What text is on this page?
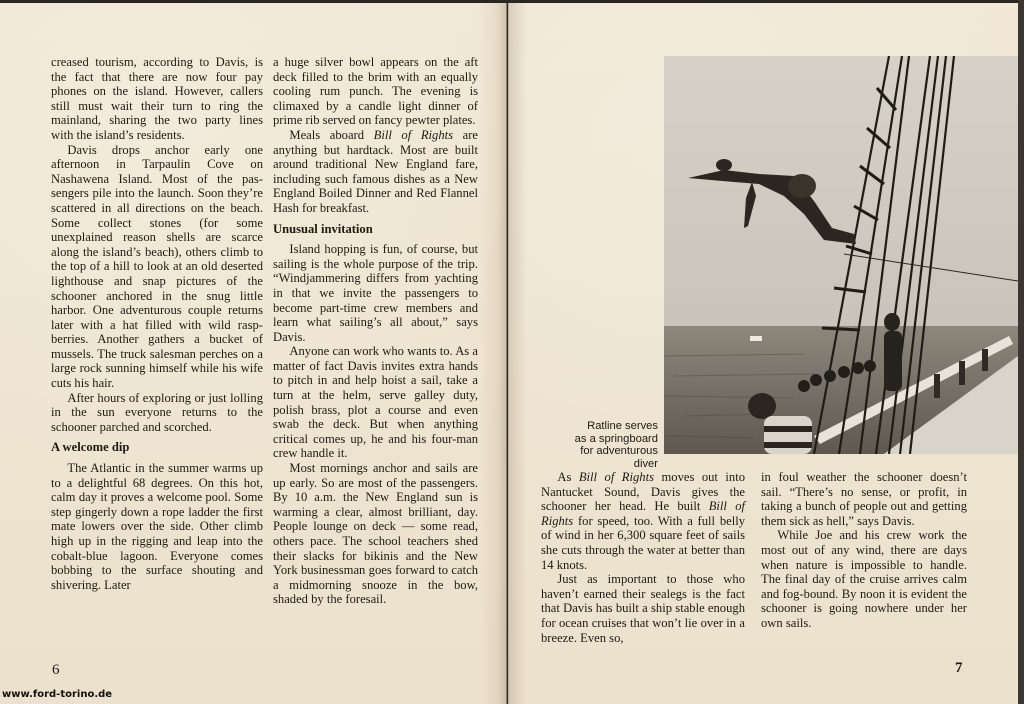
creased tourism, according to Davis, is the fact that there are now four pay phones on the island. However, callers still must wait their turn to ring the mainland, sharing the two party lines with the island’s residents.

Davis drops anchor early one afternoon in Tarpaulin Cove on Nashawena Island. Most of the passengers pile into the launch. Soon they’re scattered in all directions on the beach. Some collect stones (for some unexplained reason shells are scarce along the island’s beach), others climb to the top of a hill to look at an old deserted lighthouse and snap pictures of the schooner anchored in the snug little harbor. One adventurous couple returns later with a hat filled with wild raspberries. Another gathers a bucket of mussels. The truck salesman perches on a large rock sunning himself while his wife cuts his hair.

After hours of exploring or just lolling in the sun everyone returns to the schooner parched and scorched.

A welcome dip

The Atlantic in the summer warms up to a delightful 68 degrees. On this hot, calm day it proves a welcome pool. Some step gingerly down a rope ladder the first mate lowers over the side. Other climb high up in the rigging and leap into the cobalt-blue lagoon. Everyone comes bobbing to the surface shouting and shivering. Later

a huge silver bowl appears on the aft deck filled to the brim with an equally cooling rum punch. The evening is climaxed by a candle light dinner of prime rib served on fancy pewter plates.

Meals aboard Bill of Rights are anything but hardtack. Most are built around traditional New England fare, including such famous dishes as a New England Boiled Dinner and Red Flannel Hash for breakfast.

Unusual invitation

Island hopping is fun, of course, but sailing is the whole purpose of the trip. “Windjammering differs from yachting in that we invite the passengers to become part-time crew members and learn what sailing’s all about,” says Davis.

Anyone can work who wants to. As a matter of fact Davis invites extra hands to pitch in and help hoist a sail, take a turn at the helm, serve galley duty, polish brass, plot a course and even swab the deck. But when anything critical comes up, he and his four-man crew handle it.

Most mornings anchor and sails are up early. So are most of the passengers. By 10 a.m. the New England sun is warming a clear, almost brilliant, day. People lounge on deck — some read, others pace. The school teachers shed their slacks for bikinis and the New York businessman goes forward to catch a midmorning snooze in the bow, shaded by the foresail.

6
Ratline serves
as a springboard
for adventurous diver

As Bill of Rights moves out into Nantucket Sound, Davis gives the schooner her head. He built Bill of Rights for speed, too. With a full belly of wind in her 6,300 square feet of sails she cuts through the water at better than 14 knots.

Just as important to those who haven’t earned their sealegs is the fact that Davis has built a ship stable enough for ocean cruises that won’t lie over in a breeze. Even so,

in foul weather the schooner doesn’t sail. “There’s no sense, or profit, in taking a bunch of people out and getting them sick as hell,” says Davis.

While Joe and his crew work the most out of any wind, there are days when nature is impossible to handle. The final day of the cruise arrives calm and fog-bound. By noon it is evident the schooner is going nowhere under her own sails.

7
www.ford-torino.de
